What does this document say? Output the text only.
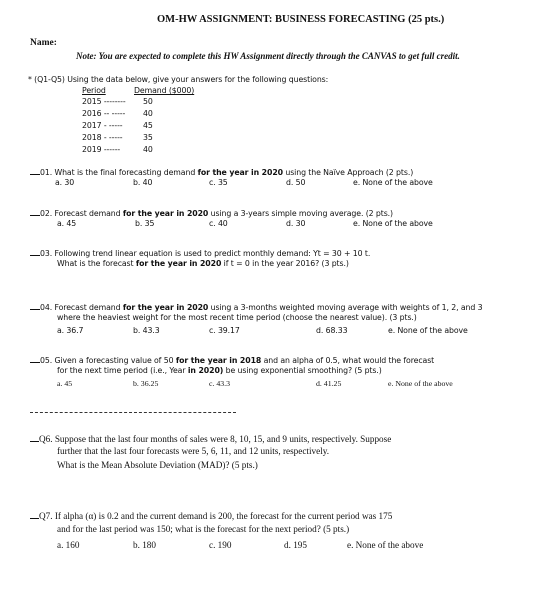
OM-HW ASSIGNMENT: BUSINESS FORECASTING (25 pts.)
Name:
Note: You are expected to complete this HW Assignment directly through the CANVAS to get full credit.
* (Q1-Q5) Using the data below, give your answers for the following questions:
Period	Demand ($000)
2015 -------- 50
2016 -- ----- 40
2017 - -----	45
2018 - -----	35
2019 ------	40
01. What is the final forecasting demand for the year in 2020 using the Naïve Approach (2 pts.)
a. 30	b. 40	c. 35	d. 50	e. None of the above
02. Forecast demand for the year in 2020 using a 3-years simple moving average. (2 pts.)
a. 45	b. 35	c. 40	d. 30	e. None of the above
03. Following trend linear equation is used to predict monthly demand: Yt = 30 + 10 t.
What is the forecast for the year in 2020 if t = 0 in the year 2016? (3 pts.)
04. Forecast demand for the year in 2020 using a 3-months weighted moving average with weights of 1, 2, and 3
where the heaviest weight for the most recent time period (choose the nearest value). (3 pts.)
a. 36.7	b. 43.3	c. 39.17	d. 68.33	e. None of the above
05. Given a forecasting value of 50 for the year in 2018 and an alpha of 0.5, what would the forecast
for the next time period (i.e., Year in 2020) be using exponential smoothing? (5 pts.)
a. 45	b. 36.25	c. 43.3	d. 41.25	e. None of the above
Q6. Suppose that the last four months of sales were 8, 10, 15, and 9 units, respectively. Suppose
further that the last four forecasts were 5, 6, 11, and 12 units, respectively.
What is the Mean Absolute Deviation (MAD)? (5 pts.)
Q7. If alpha (α) is 0.2 and the current demand is 200, the forecast for the current period was 175
and for the last period was 150; what is the forecast for the next period? (5 pts.)
a. 160	b. 180	c. 190	d. 195	e. None of the above
